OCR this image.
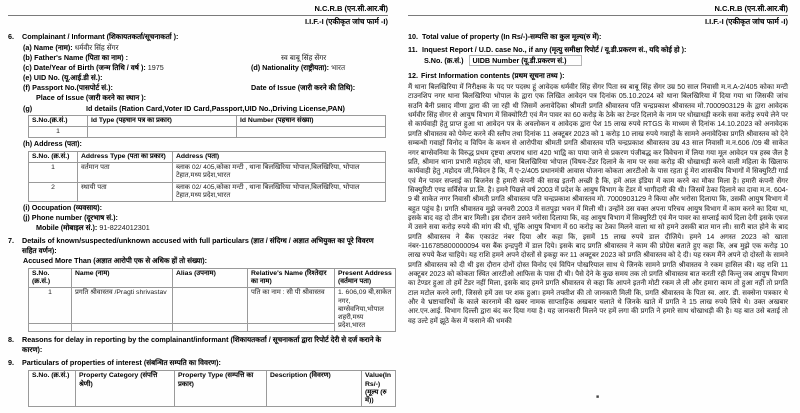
N.C.R.B (एन.सी.आर.बी)
I.I.F.-I (एकीकृत जांच फार्म -I)
6.	Complainant / Informant (शिकायतकर्ता/सूचनाकर्ता ):
(a) Name (नाम): धर्मवीर सिंह सेंगर
(b) Father's Name (पिता का नाम) :	स्व बाबू सिंह सेंगर
(c) Date/Year of Birth (जन्म तिथि / वर्ष ): 1975	(d) Nationality (राष्ट्रीयता): भारत
(e) UID No. (यू.आई.डी सं.):
(f) Passport No.(पासपोर्ट सं.):	Date of Issue (जारी करने की तिथि):
Place of Issue (जारी करने का स्थान ):
(g)	Id details (Ration Card,Voter ID Card,Passport,UID No.,Driving License,PAN)
S.No.(क्र.सं.)	Id Type (पहचान पत्र का प्रकार)	Id Number (पहचान संख्या)
1		
(h) Address (पता):
S.No. (क्र.सं.)	Address Type (पता का प्रकार)	Address (पता)
1	वर्तमान पता	ब्लाक 02/ 405,कोका मन्टी , थाना बिलखिरिया भोपाल,बिलखिरिया, भोपाल टेहात,मध्य प्रदेश,भारत
2	स्थायी पता	ब्लाक 02/ 405,कोका मन्टी , थाना बिलखिरिया भोपाल,बिलखिरिया, भोपाल टेहात,मध्य प्रदेश,भारत
(i) Occupation (व्यवसाय):
(j) Phone number (दूरभाष सं.):
Mobile (मोबाइल सं.): 91-8224012301
7.	Details of known/suspected/unknown accused with full particulars (ज्ञात / संदिग्ध / अज्ञात अभियुक्त का पूरे विवरण सहित वर्णन):
Accused More Than (अज्ञात आरोपी एक से अधिक हों तो संख्या):
S.No. (क्र.सं.)	Name (नाम)	Alias (उपनाम)	Relative's Name (रिश्तेदार का नाम)	Present Address (वर्तमान पता)
1	प्रगति श्रीवास्तव /Pragti shrivastav		पति का नाम : सी पी श्रीवास्तव	1. 606,09 बी,साकेत नगर, बाग्सेवनिया,भोपाल शहरी,मध्य प्रदेश,भारत

8.	Reasons for delay in reporting by the complainant/informant (शिकायतकर्ता / सूचनाकर्ता द्वारा रिपोर्ट देरी से दर्ज कराने के कारण):
9.	Particulars of properties of interest (संबन्धित सम्पति का विवरण):
S.No. (क्र.सं.)	Property Category (संपत्ति श्रेणी)	Property Type (सम्पत्ति का प्रकार)	Description (विवरण)	Value(In Rs/-) (मूल्य (रु में))
N.C.R.B (एन.सी.आर.बी)
I.I.F.-I (एकीकृत जांच फार्म -I)
10. Total value of property (In Rs/-)-सम्पत्ति का कुल मूल्य(रु में):
11. Inquest Report / U.D. case No., if any (मृत्यु समीक्षा रिपोर्ट / यू.डी.प्रकरण सं., यदि कोई हो ):
S.No. (क्र.सं.) UIDB Number (यू.डी.प्रकरण सं.)
12. First Information contents (प्रथम सूचना तथ्य ):
मैं थाना बिलखिरिया में निरीक्षक के पद पर पदस्थ हूं आवेदक धर्मवीर सिंह सेंगर पिता स्व बाबू सिंह सेंगर उम्र 50 साल निवासी म.न.A-2/405 कोका मन्टी टाउनशिप नगर थाना बिलखिरिया भोपाल के द्वारा एक लिखित आवेदन पत्र दिनांक 05.10.2024 को थाना बिलखिरिया में दिया गया था जिसकी जांच सउनि बैनी प्रसाद मीणा द्वारा की जा रही थी जिसमें अनावेदिका श्रीमती प्रगति श्रीवास्तव पति चन्द्रप्रकाश श्रीवास्तव मो.7000903129 के द्वारा आवेदक धर्मवीर सिंह सेंगर से आयुष विभाग में सिक्योरिटी एवं मैन पावर का 60 करोड़ के ठेके का टेन्डर दिलाने के नाम पर धोखाधड़ी करके सवा करोड़ रुपये लेने पर से कार्यवाही हेतु प्राप्त हुआ था आवेदन पत्र के अवलोकन व आवेदक द्वारा पेश 15 लाख रुपये RTGS के माध्यम से दिनांक 14.10.2023 को अनावेदक प्रगति श्रीवास्तव को पेमेन्ट करने की स्लीप तथा दिनांक 11 अक्टूबर 2023 को 1 करोड़ 10 लाख रुपये गवाहों के सामने अनावेदिका प्रगति श्रीवास्तव को देने सम्बन्धी गवाहों विनोद व विपिन के कथन से आरोपीया श्रीमती प्रगति श्रीवास्तव पति चन्द्रप्रकाश श्रीवास्तव उम्र 43 साल निवासी म.न.606 /09 बी साकेत नगर बाग्सेवनिया के विरुद्ध प्रथम दृष्टया अपराध धारा 420 भाद्वि का पाया जाने से प्रकरण पंजीबद्ध कर विवेचना में लिया गया मूल आवेदन पत्र हस्ब जैल है प्रति, श्रीमान थाना प्रभारी महोदय जी, थाना बिलखिरिया भोपाल (विषय-टेंडर दिलाने के नाम पर सवा करोड़ की धोखाधड़ी करने वाली महिला के खिलाफ कार्यवाही हेतु ,महोदय जी,निवेदन है कि, मैं ए-2/405 प्रधानमंत्री आवास योजना कोकता आरटीओ के पास रहता हूं मेरा शासकीय विभागों में सिक्युरिटी गार्ड एवं मैन पावर सप्लाई का बिजनेस है हमारी कंपनी की साख इतनी अच्छी है कि, हमें आल इंडिया में काम करने का मौका मिला है। हमारी कंपनी सेंगर सिक्युरिटी एण्ड सर्विसेज प्रा.लि. है। हमने पिछले वर्ष 2003 में प्रदेश के आयुष विभाग के टेंडर में भागीदारी की थी। जिसमें ठेका दिलाने का दावा म.न. 604-9 बी साकेत नगर निवासी श्रीमती प्रगति श्रीवास्तव पति चन्द्रप्रकाश श्रीवास्तव मो. 7000903129 ने किया और भरोसा दिलाया कि, उसकी आयुष विभाग में बहुत पहुंच है। प्रगति श्रीवास्तव मुझे जनवरी 2003 में सतपुड़ा भवन में मिली थी। उन्होंने उस वक्त अपना परिचय आयुष विभाग में काम करने का दिया था, इसके बाद वह दो तीन बार मिली। इस दौरान उसने भरोसा दिलाया कि, वह आयुष विभाग में सिक्युरिटी एवं मैन पावर का सप्लाई कार्य दिला देगी इसके एवज में उसने सवा करोड़ रुपये की मांग की थी, चूंकि आयुष विभाग में 60 करोड़ का ठेका मिलने वाला था सो हमने उसकी बात मान ली। सारी बात होने के बाद प्रगति श्रीवास्तव ने बैंक एकाउंट नंबर दिया और कहा कि, इसमें 15 लाख रुपये डाल दीजिये। हमने 14 अगस्त 2023 को खाता नंबर-116785800000094 यस बैंक इन्द्रपुरी में डाल दिये। इसके बाद प्रगति श्रीवास्तव ने काम की प्रोग्रेस बताते हुए कहा कि, अब मुझे एक करोड़ 10 लाख रुपये कैश चाहिये। यह राशि हमने अपने दोस्तों से इकट्ठा कर 11 अक्टूबर 2023 को प्रगति श्रीवास्तव को दे दी। यह रकम मैंने अपने दो दोस्तों के सामने प्रगति श्रीवास्तव को दी थी इस दौरान दोनों दोस्त विनोद एवं विपिन पोखरियाल साथ थे जिनके सामने प्रगति श्रीवास्तव ने रकम हासिल की। यह राशि 11 अक्टूबर 2023 को कोकता स्थित आरटीओ आफिस के पास दी थी। पैसे देने के कुछ समय तक तो प्रगति श्रीवास्तव बात करती रही किन्तु जब आयुष विभाग का टेण्डर हुआ तो हमें टेंडर नहीं मिला, इसके बाद हमने प्रगति श्रीवास्तव से कहा कि आपने इतनी मोटी रकम ले ली और हमारा काम तो हुआ नहीं तो प्रगति टाल मटोल करने लगी, जिससे हमें उस पर शक हुआ। हमने तफ्तीश की तो जानकारी मिली कि, प्रगति श्रीवास्तव के पिता स्व. आर. डी. सक्सेना पत्रकार थे और वे भ्रष्टाचारियों के काले कारनामे की खबर नामक साप्ताहिक अखबार चलाते थे जिनके खाते में प्रगति ने 15 लाख रुपये लिये थे। उक्त अखबार आर.एन.आई. विभाग दिल्ली द्वारा बंद कर दिया गया है। यह जानकारी मिलने पर हमें लगा की प्रगति ने हमारे साथ धोखाधड़ी की है। यह बात उसे बताई तो वह उल्टे हमें झूठे केस में फसाने की धमकी
■
